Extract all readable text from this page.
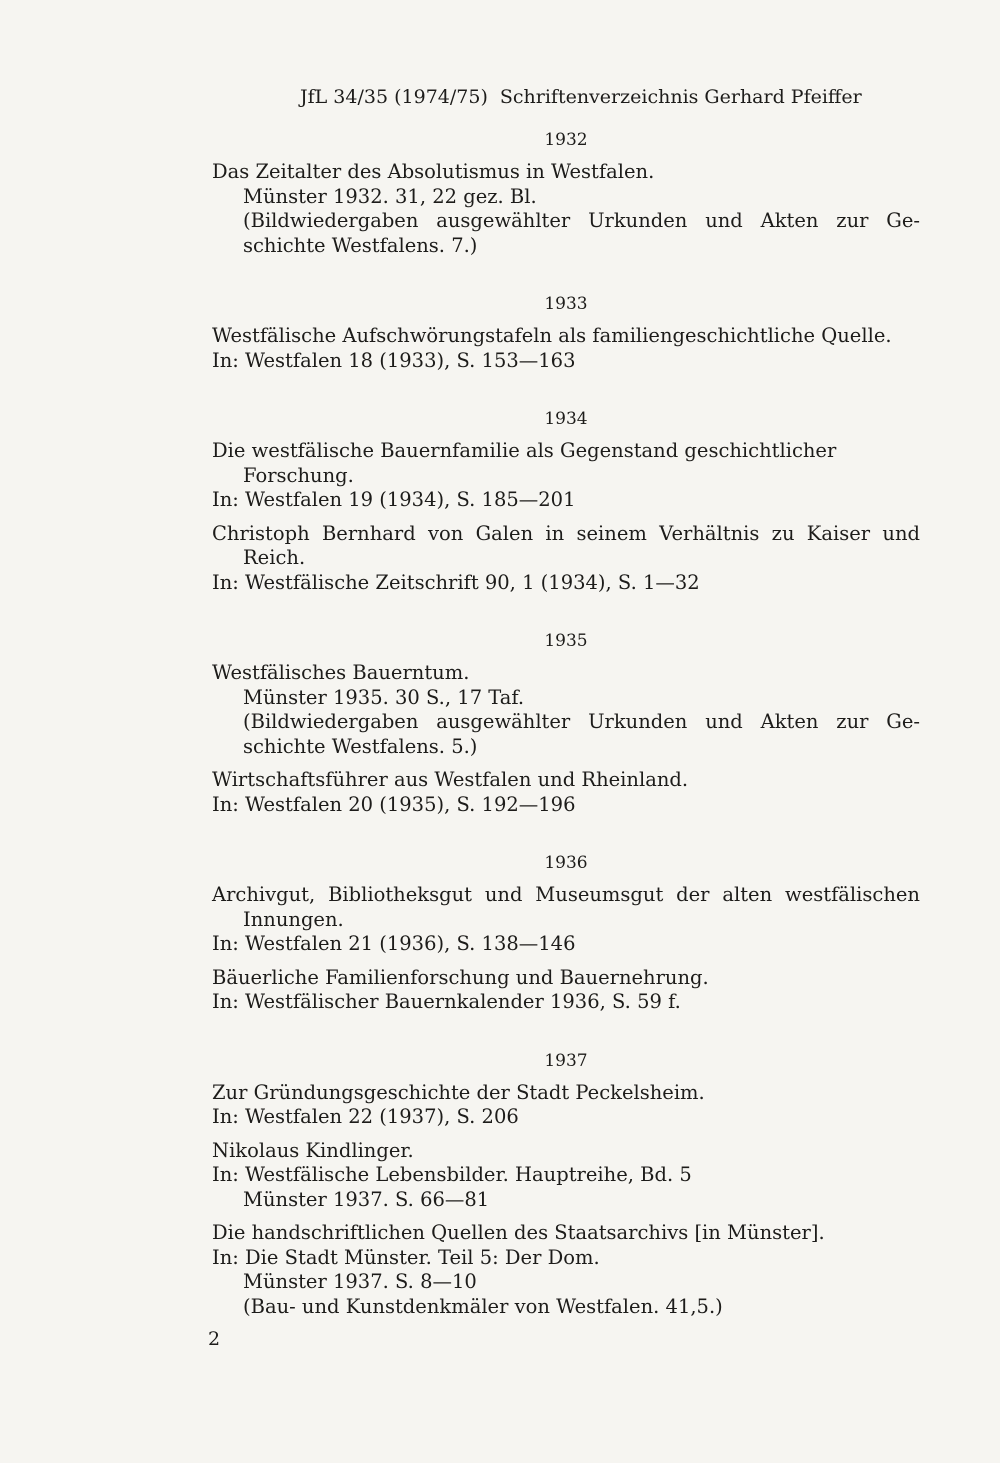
JfL 34/35 (1974/75) Schriftenverzeichnis Gerhard Pfeiffer
1932
Das Zeitalter des Absolutismus in Westfalen.
Münster 1932. 31, 22 gez. Bl.
(Bildwiedergaben ausgewählter Urkunden und Akten zur Ge-
schichte Westfalens. 7.)
1933
Westfälische Aufschwörungstafeln als familiengeschichtliche Quelle.
In: Westfalen 18 (1933), S. 153—163
1934
Die westfälische Bauernfamilie als Gegenstand geschichtlicher
Forschung.
In: Westfalen 19 (1934), S. 185—201
Christoph Bernhard von Galen in seinem Verhältnis zu Kaiser und
Reich.
In: Westfälische Zeitschrift 90, 1 (1934), S. 1—32
1935
Westfälisches Bauerntum.
Münster 1935. 30 S., 17 Taf.
(Bildwiedergaben ausgewählter Urkunden und Akten zur Ge-
schichte Westfalens. 5.)
Wirtschaftsführer aus Westfalen und Rheinland.
In: Westfalen 20 (1935), S. 192—196
1936
Archivgut, Bibliotheksgut und Museumsgut der alten westfälischen
Innungen.
In: Westfalen 21 (1936), S. 138—146
Bäuerliche Familienforschung und Bauernehrung.
In: Westfälischer Bauernkalender 1936, S. 59 f.
1937
Zur Gründungsgeschichte der Stadt Peckelsheim.
In: Westfalen 22 (1937), S. 206
Nikolaus Kindlinger.
In: Westfälische Lebensbilder. Hauptreihe, Bd. 5
Münster 1937. S. 66—81
Die handschriftlichen Quellen des Staatsarchivs [in Münster].
In: Die Stadt Münster. Teil 5: Der Dom.
Münster 1937. S. 8—10
(Bau- und Kunstdenkmäler von Westfalen. 41,5.)
2
